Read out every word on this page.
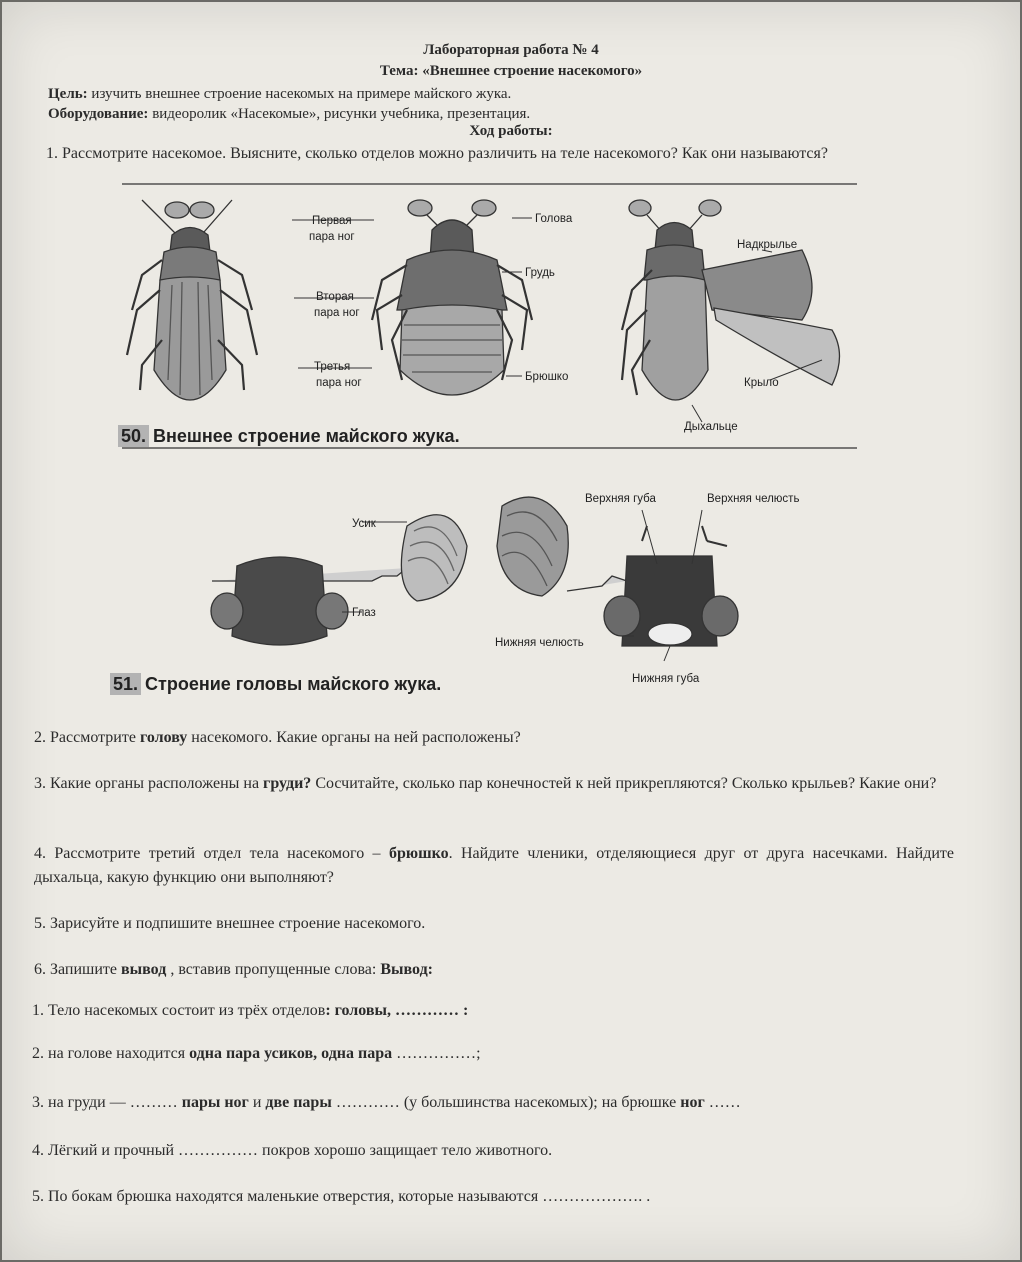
Лабораторная работа № 4
Тема: «Внешнее строение насекомого»
Цель: изучить внешнее строение насекомых на примере майского жука.
Оборудование: видеоролик «Насекомые», рисунки учебника, презентация.
Ход работы:
1. Рассмотрите насекомое. Выясните, сколько отделов можно различить на теле насекомого? Как они называются?
Первая
пара ног
Вторая
пара ног
Третья
пара ног
Голова
Грудь
Брюшко
Надкрылье
Крыло
Дыхальце
50. Внешнее строение майского жука.
Усик
Глаз
Верхняя губа	Верхняя челюсть
Нижняя челюсть
Нижняя губа
51. Строение головы майского жука.
2. Рассмотрите голову насекомого. Какие органы на ней расположены?
3. Какие органы расположены на груди? Сосчитайте, сколько пар конечностей к ней прикрепляются? Сколько крыльев? Какие они?
4. Рассмотрите третий отдел тела насекомого – брюшко. Найдите членики, отделяющиеся друг от друга насечками. Найдите дыхальца, какую функцию они выполняют?
5. Зарисуйте и подпишите внешнее строение насекомого.
6. Запишите вывод , вставив пропущенные слова: Вывод:
1. Тело насекомых состоит из трёх отделов: головы, ………… :
2. на голове находится одна пара усиков, одна пара ……………;
3. на груди — ……… пары ног и две пары ………… (у большинства насекомых); на брюшке ног ……
4. Лёгкий и прочный …………… покров хорошо защищает тело животного.
5. По бокам брюшка находятся маленькие отверстия, которые называются ………………. .
